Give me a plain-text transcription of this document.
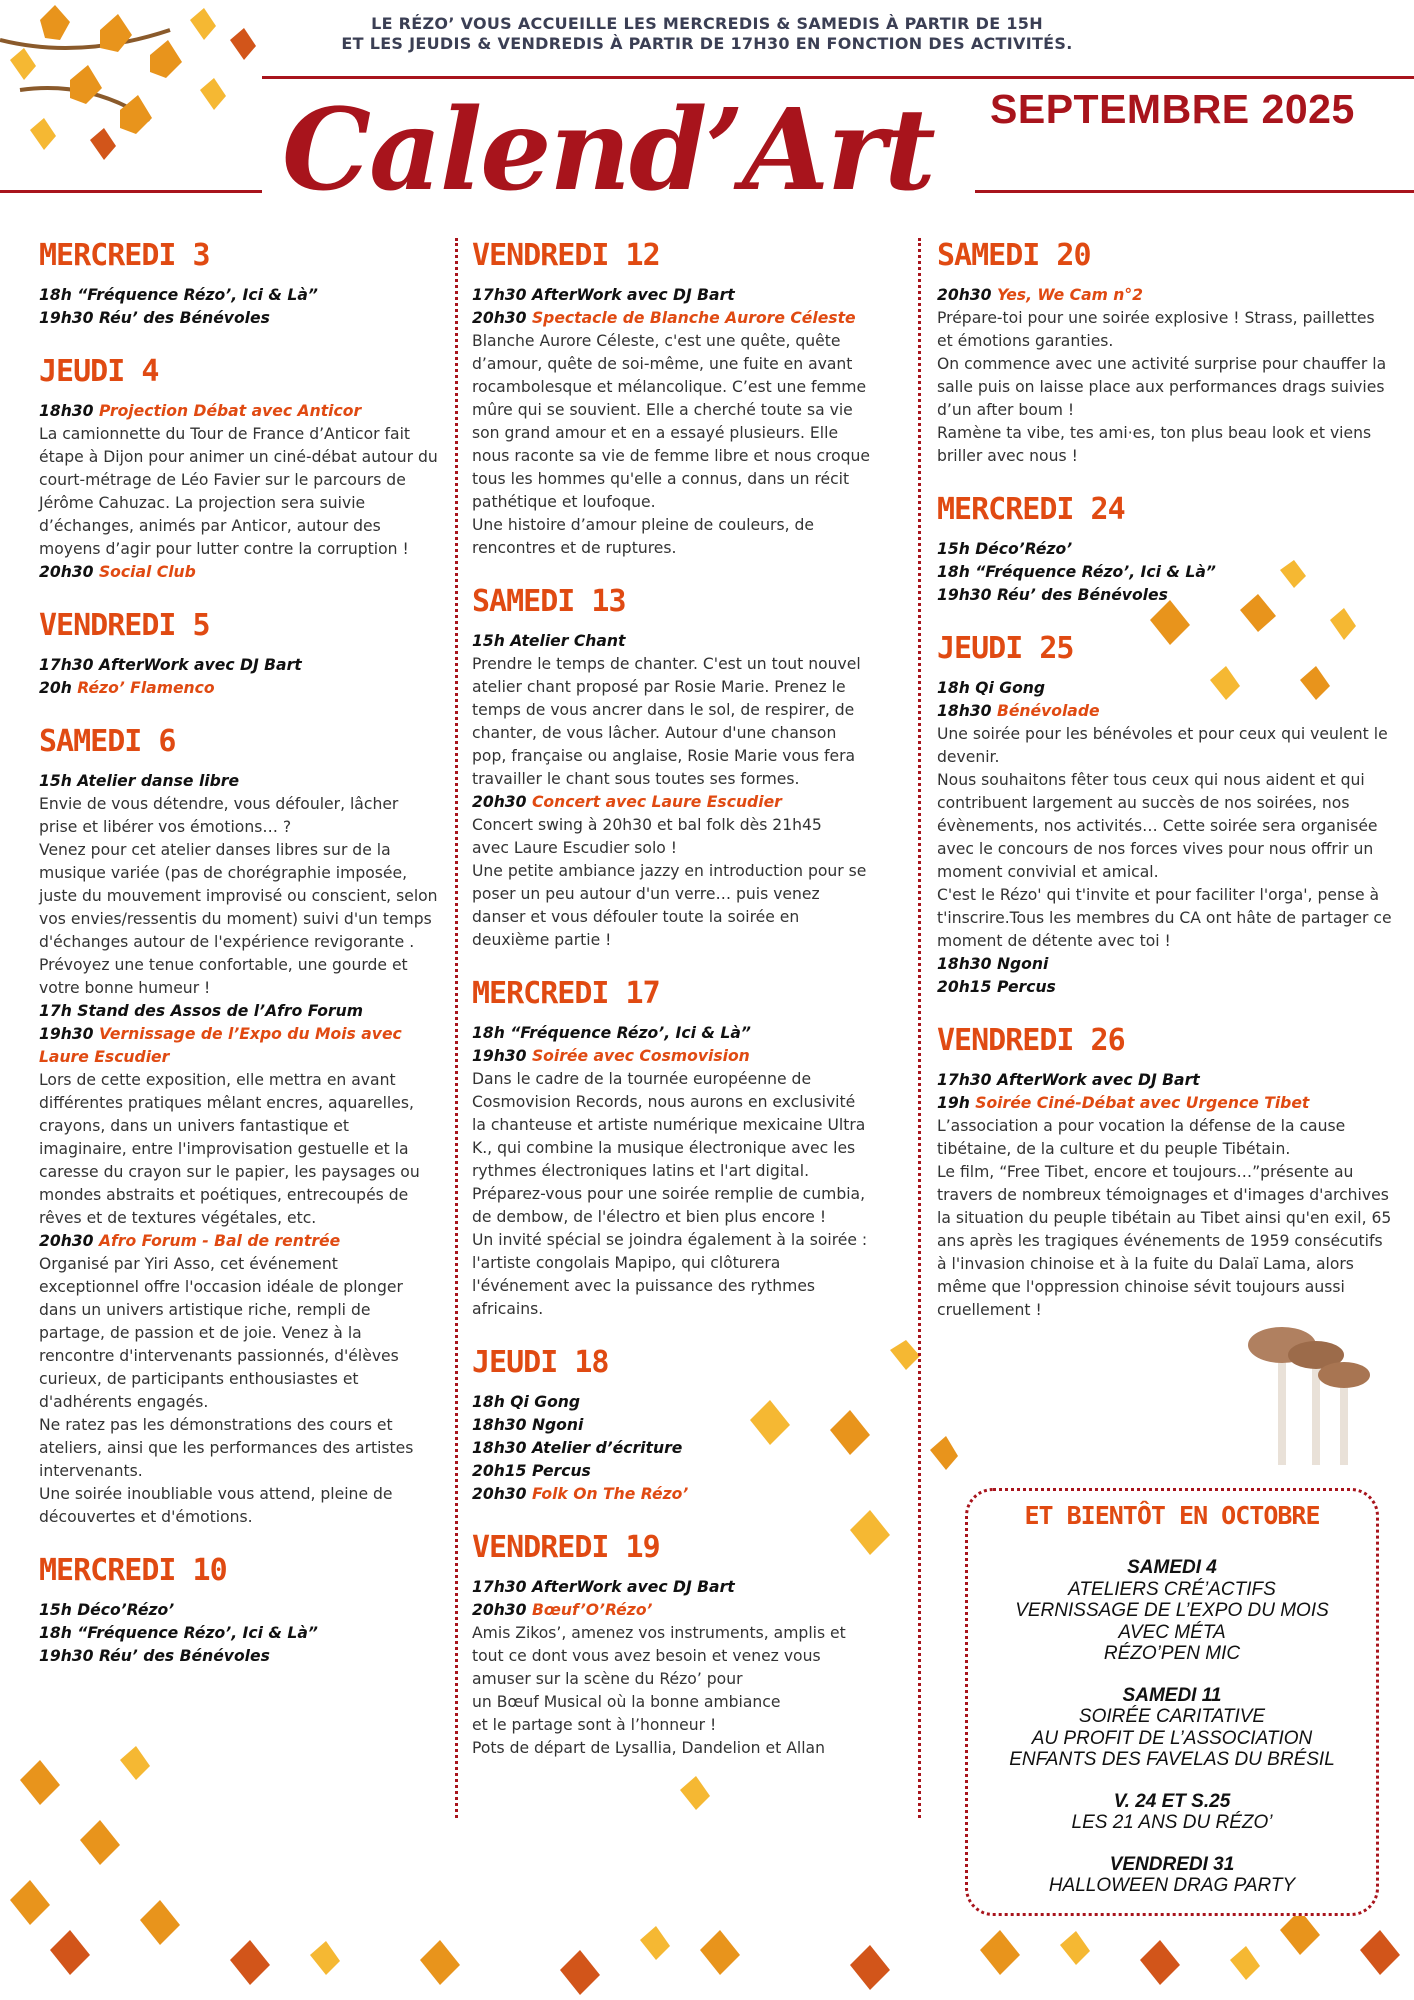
LE RÉZO’ VOUS ACCUEILLE LES MERCREDIS & SAMEDIS À PARTIR DE 15H
ET LES JEUDIS & VENDREDIS À PARTIR DE 17H30 EN FONCTION DES ACTIVITÉS.
Calend’Art SEPTEMBRE 2025
MERCREDI 3
18h “Fréquence Rézo’, Ici & Là”
19h30 Réu’ des Bénévoles
JEUDI 4
18h30 Projection Débat avec Anticor
La camionnette du Tour de France d’Anticor fait étape à Dijon pour animer un ciné-débat autour du court-métrage de Léo Favier sur le parcours de Jérôme Cahuzac. La projection sera suivie d’échanges, animés par Anticor, autour des moyens d’agir pour lutter contre la corruption !
20h30 Social Club
VENDREDI 5
17h30 AfterWork avec DJ Bart
20h Rézo’ Flamenco
SAMEDI 6
15h Atelier danse libre
Envie de vous détendre, vous défouler, lâcher prise et libérer vos émotions… ?
Venez pour cet atelier danses libres sur de la musique variée (pas de chorégraphie imposée, juste du mouvement improvisé ou conscient, selon vos envies/ressentis du moment) suivi d'un temps d'échanges autour de l'expérience revigorante .
Prévoyez une tenue confortable, une gourde et votre bonne humeur !
17h Stand des Assos de l’Afro Forum
19h30 Vernissage de l’Expo du Mois avec Laure Escudier
Lors de cette exposition, elle mettra en avant différentes pratiques mêlant encres, aquarelles, crayons, dans un univers fantastique et imaginaire, entre l'improvisation gestuelle et la caresse du crayon sur le papier, les paysages ou mondes abstraits et poétiques, entrecoupés de rêves et de textures végétales, etc.
20h30 Afro Forum - Bal de rentrée
Organisé par Yiri Asso, cet événement exceptionnel offre l'occasion idéale de plonger dans un univers artistique riche, rempli de partage, de passion et de joie. Venez à la rencontre d'intervenants passionnés, d'élèves curieux, de participants enthousiastes et d'adhérents engagés.
Ne ratez pas les démonstrations des cours et ateliers, ainsi que les performances des artistes intervenants.
Une soirée inoubliable vous attend, pleine de découvertes et d'émotions.
MERCREDI 10
15h Déco’Rézo’
18h “Fréquence Rézo’, Ici & Là”
19h30 Réu’ des Bénévoles
VENDREDI 12
17h30 AfterWork avec DJ Bart
20h30 Spectacle de Blanche Aurore Céleste
Blanche Aurore Céleste, c'est une quête, quête d’amour, quête de soi-même, une fuite en avant rocambolesque et mélancolique. C’est une femme mûre qui se souvient. Elle a cherché toute sa vie son grand amour et en a essayé plusieurs. Elle nous raconte sa vie de femme libre et nous croque tous les hommes qu'elle a connus, dans un récit pathétique et loufoque.
Une histoire d’amour pleine de couleurs, de rencontres et de ruptures.
SAMEDI 13
15h Atelier Chant
Prendre le temps de chanter. C'est un tout nouvel atelier chant proposé par Rosie Marie. Prenez le temps de vous ancrer dans le sol, de respirer, de chanter, de vous lâcher. Autour d'une chanson pop, française ou anglaise, Rosie Marie vous fera travailler le chant sous toutes ses formes.
20h30 Concert avec Laure Escudier
Concert swing à 20h30 et bal folk dès 21h45
avec Laure Escudier solo !
Une petite ambiance jazzy en introduction pour se poser un peu autour d'un verre… puis venez danser et vous défouler toute la soirée en deuxième partie !
MERCREDI 17
18h “Fréquence Rézo’, Ici & Là”
19h30 Soirée avec Cosmovision
Dans le cadre de la tournée européenne de Cosmovision Records, nous aurons en exclusivité la chanteuse et artiste numérique mexicaine Ultra K., qui combine la musique électronique avec les rythmes électroniques latins et l'art digital.
Préparez-vous pour une soirée remplie de cumbia, de dembow, de l'électro et bien plus encore !
Un invité spécial se joindra également à la soirée : l'artiste congolais Mapipo, qui clôturera l'événement avec la puissance des rythmes africains.
JEUDI 18
18h Qi Gong
18h30 Ngoni
18h30 Atelier d’écriture
20h15 Percus
20h30 Folk On The Rézo’
VENDREDI 19
17h30 AfterWork avec DJ Bart
20h30 Bœuf’O’Rézo’
Amis Zikos’, amenez vos instruments, amplis et tout ce dont vous avez besoin et venez vous amuser sur la scène du Rézo’ pour
un Bœuf Musical où la bonne ambiance
et le partage sont à l’honneur !
Pots de départ de Lysallia, Dandelion et Allan
SAMEDI 20
20h30 Yes, We Cam n°2
Prépare-toi pour une soirée explosive ! Strass, paillettes et émotions garanties.
On commence avec une activité surprise pour chauffer la salle puis on laisse place aux performances drags suivies d’un after boum !
Ramène ta vibe, tes ami·es, ton plus beau look et viens briller avec nous !
MERCREDI 24
15h Déco’Rézo’
18h “Fréquence Rézo’, Ici & Là”
19h30 Réu’ des Bénévoles
JEUDI 25
18h Qi Gong
18h30 Bénévolade
Une soirée pour les bénévoles et pour ceux qui veulent le devenir.
Nous souhaitons fêter tous ceux qui nous aident et qui contribuent largement au succès de nos soirées, nos évènements, nos activités… Cette soirée sera organisée avec le concours de nos forces vives pour nous offrir un moment convivial et amical.
C'est le Rézo' qui t'invite et pour faciliter l'orga', pense à t'inscrire.Tous les membres du CA ont hâte de partager ce moment de détente avec toi !
18h30 Ngoni
20h15 Percus
VENDREDI 26
17h30 AfterWork avec DJ Bart
19h Soirée Ciné-Débat avec Urgence Tibet
L’association a pour vocation la défense de la cause tibétaine, de la culture et du peuple Tibétain.
Le film, “Free Tibet, encore et toujours…”présente au travers de nombreux témoignages et d'images d'archives la situation du peuple tibétain au Tibet ainsi qu'en exil, 65 ans après les tragiques événements de 1959 consécutifs à l'invasion chinoise et à la fuite du Dalaï Lama, alors même que l'oppression chinoise sévit toujours aussi cruellement !
ET BIENTÔT EN OCTOBRE
SAMEDI 4
ATELIERS CRÉ’ACTIFS
VERNISSAGE DE L’EXPO DU MOIS
AVEC MÉTA
RÉZO’PEN MIC
SAMEDI 11
SOIRÉE CARITATIVE
AU PROFIT DE L’ASSOCIATION
ENFANTS DES FAVELAS DU BRÉSIL
V. 24 ET S.25
LES 21 ANS DU RÉZO’
VENDREDI 31
HALLOWEEN DRAG PARTY
